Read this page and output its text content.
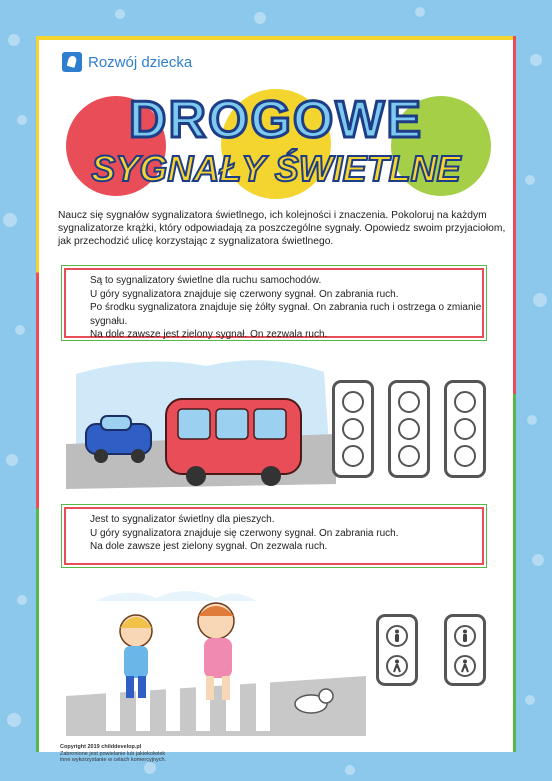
Rozwój dziecka
DROGOWE
SYGNAŁY ŚWIETLNE
Naucz się sygnałów sygnalizatora świetlnego, ich kolejności i znaczenia. Pokoloruj na każdym sygnalizatorze krążki, który odpowiadają za poszczególne sygnały. Opowiedz swoim przyjaciołom, jak przechodzić ulicę korzystając z sygnalizatora świetlnego.

Są to sygnalizatory świetlne dla ruchu samochodów.

U góry sygnalizatora znajduje się czerwony sygnał. On zabrania ruch.

Po środku sygnalizatora znajduje się żółty sygnał. On zabrania ruch i ostrzega o zmianie sygnału.

Na dole zawsze jest zielony sygnał. On zezwala ruch.

Jest to sygnalizator świetlny dla pieszych.

U góry sygnalizatora znajduje się czerwony sygnał. On zabrania ruch.

Na dole zawsze jest zielony sygnał. On zezwala ruch.

Copyright 2019 childdevelop.pl
Zabronione jest powielanie lub jakiekolwiek
inne wykorzystanie w celach komercyjnych.
